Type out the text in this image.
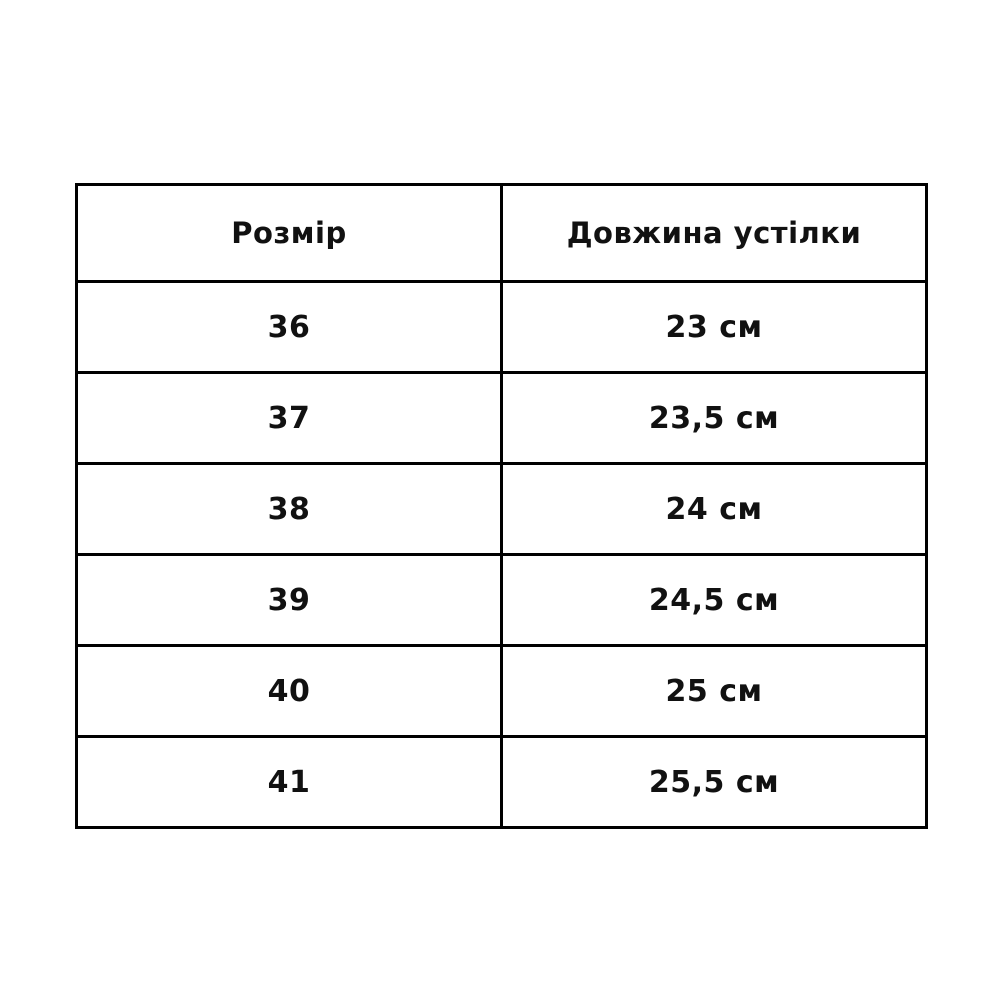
Розмір	Довжина устілки
36	23 см
37	23,5 см
38	24 см
39	24,5 см
40	25 см
41	25,5 см
